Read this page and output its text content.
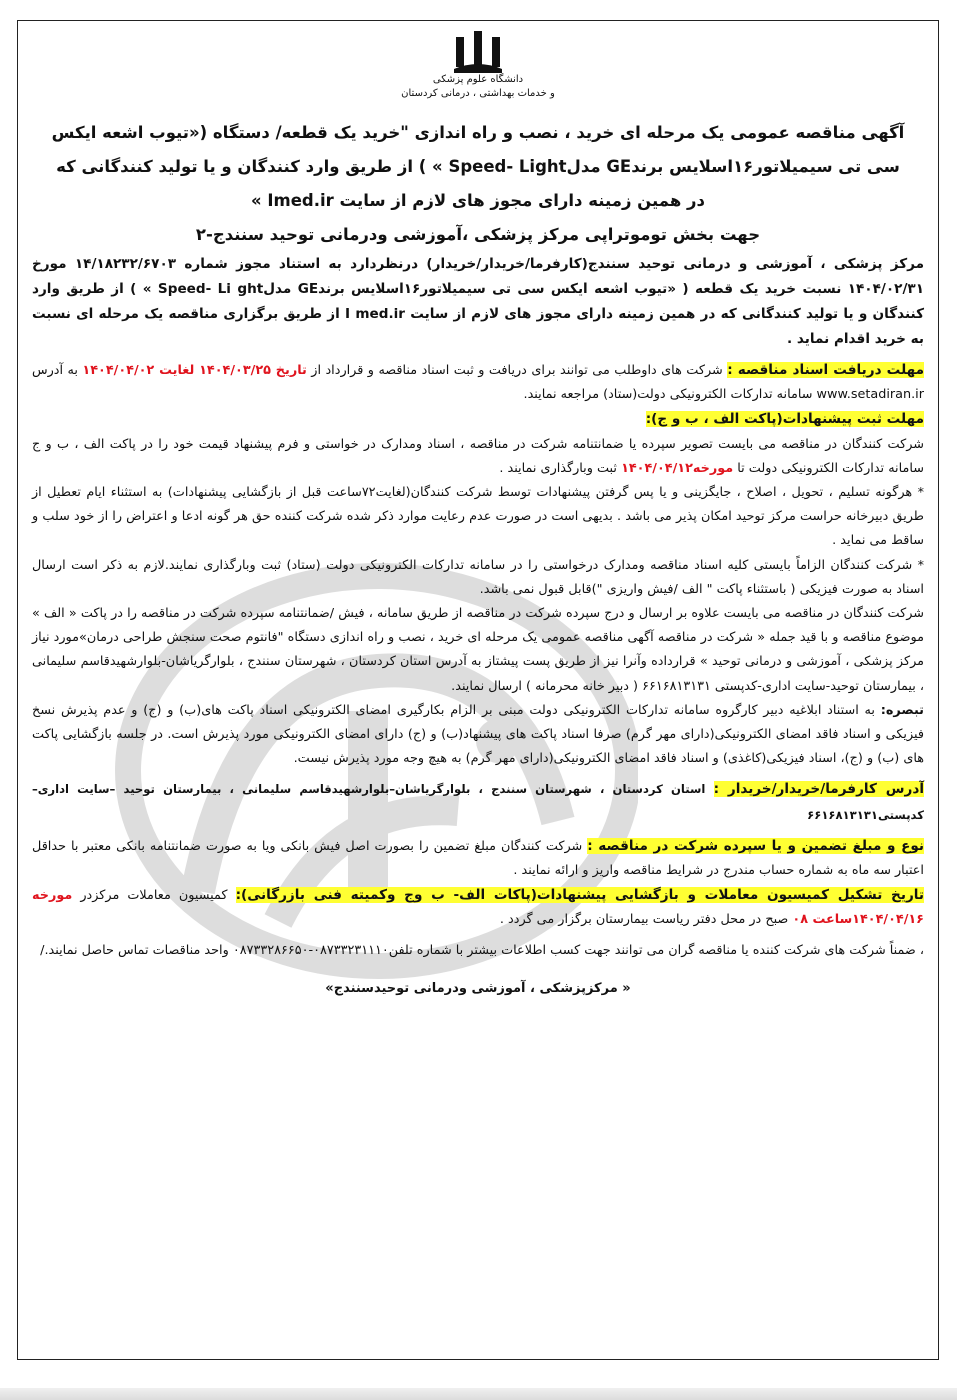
دانشگاه علوم پزشکی
و خدمات بهداشتی ، درمانی کردستان
آگهی مناقصه عمومی یک مرحله ای خرید ، نصب و راه اندازی "خرید یک قطعه/ دستگاه («تیوب اشعه ایکس
سی تی سیمیلاتور۱۶اسلایس برندGE مدلSpeed- Light » ) از طریق وارد کنندگان و یا تولید کنندگانی که
در همین زمینه دارای مجوز های لازم از سایت Imed.ir »
جهت بخش توموتراپی مرکز پزشکی ،آموزشی ودرمانی توحید سنندج-۲

مرکز پزشکی ، آموزشی و درمانی توحید سنندج(کارفرما/خریدار/خریدار) درنظردارد به استناد مجوز شماره ۱۴/۱۸۲۳۲/۶۷۰۳ مورخ ۱۴۰۴/۰۲/۳۱ نسبت خرید یک قطعه ( «تیوب اشعه ایکس سی تی سیمیلاتور۱۶اسلایس برندGE مدلSpeed- Li ght » ) از طریق وارد کنندگان و یا تولید کنندگانی که در همین زمینه دارای مجوز های لازم از سایت I med.ir از طریق برگزاری مناقصه یک مرحله ای نسبت به خرید اقدام نماید .

مهلت دریافت اسناد مناقصه : شرکت های داوطلب می توانند برای دریافت و ثبت اسناد مناقصه و قرارداد از تاریخ ۱۴۰۴/۰۳/۲۵ لغایت ۱۴۰۴/۰۴/۰۲ به آدرس www.setadiran.ir سامانه تدارکات الکترونیکی دولت(ستاد) مراجعه نمایند.

مهلت ثبت پیشنهادات(پاکت الف ، ب و ج):

شرکت کنندگان در مناقصه می بایست تصویر سپرده یا ضمانتنامه شرکت در مناقصه ، اسناد ومدارک در خواستی و فرم پیشنهاد قیمت خود را در پاکت الف ، ب و ج سامانه تدارکات الکترونیکی دولت تا مورخه۱۴۰۴/۰۴/۱۲ ثبت وبارگذاری نمایند .

* هرگونه تسلیم ، تحویل ، اصلاح ، جایگزینی و یا پس گرفتن پیشنهادات توسط شرکت کنندگان(لغایت۷۲ساعت قبل از بازگشایی پیشنهادات) به استثناء ایام تعطیل از طریق دبیرخانه حراست مرکز توحید امکان پذیر می باشد . بدیهی است در صورت عدم رعایت موارد ذکر شده شرکت کننده حق هر گونه ادعا و اعتراض را از خود سلب و ساقط می نماید .

* شرکت کنندگان الزاماً بایستی کلیه اسناد مناقصه ومدارک درخواستی را در سامانه تدارکات الکترونیکی دولت (ستاد) ثبت وبارگذاری نمایند.لازم به ذکر است ارسال اسناد به صورت فیزیکی ( باستثناء پاکت " الف /فیش واریزی ")قابل قبول نمی باشد.

شرکت کنندگان در مناقصه می بایست علاوه بر ارسال و درج سپرده شرکت در مناقصه از طریق سامانه ، فیش /ضمانتنامه سپرده شرکت در مناقصه را در پاکت « الف » موضوع مناقصه و با قید جمله « شرکت در مناقصه آگهی مناقصه عمومی یک مرحله ای خرید ، نصب و راه اندازی دستگاه "فانتوم صحت سنجش طراحی درمان»مورد نیاز مرکز پزشکی ، آموزشی و درمانی توحید » قرارداده وآنرا نیز از طریق پست پیشتاز به آدرس استان کردستان ، شهرستان سنندج ، بلوارگریاشان-بلوارشهیدقاسم سلیمانی ، بیمارستان توحید-سایت اداری-کدپستی ۶۶۱۶۸۱۳۱۳۱ ( دبیر خانه محرمانه ) ارسال نمایند.

تبصره: به استناد ابلاغیه دبیر کارگروه سامانه تدارکات الکترونیکی دولت مبنی بر الزام بکارگیری امضای الکترونیکی اسناد پاکت های(ب) و (ج) و عدم پذیرش نسخ فیزیکی و اسناد فاقد امضای الکترونیکی(دارای مهر گرم) صرفا اسناد پاکت های پیشنهاد(ب) و (ج) دارای امضای الکترونیکی مورد پذیرش است. در جلسه بازگشایی پاکت های (ب) و (ج)، اسناد فیزیکی(کاغذی) و اسناد فاقد امضای الکترونیکی(دارای مهر گرم) به هیچ وجه مورد پذیرش نیست.

آدرس کارفرما/خریدار/خریدار : استان کردستان ، شهرستان سنندج ، بلوارگریاشان–بلوارشهیدقاسم سلیمانی ، بیمارستان توحید –سایت اداری–کدپستی۶۶۱۶۸۱۳۱۳۱

نوع و مبلغ تضمین و یا سپرده شرکت در مناقصه : شرکت کنندگان مبلغ تضمین را بصورت اصل فیش بانکی ویا به صورت ضمانتنامه بانکی معتبر با حداقل اعتبار سه ماه به شماره حساب مندرج در شرایط مناقصه واریز و ارائه نمایند .

تاریخ تشکیل کمیسیون معاملات و بازگشایی پیشنهادات(پاکات الف- ب وج وکمیته فنی بازرگانی): کمیسیون معاملات مرکزدر مورخه ۱۴۰۴/۰۴/۱۶ساعت ۰۸ صبح در محل دفتر ریاست بیمارستان برگزار می گردد .

، ضمناً شرکت های شرکت کننده یا مناقصه گران می توانند جهت کسب اطلاعات بیشتر با شماره تلفن۰۸۷۳۳۲۳۱۱۱۰-۰۸۷۳۳۲۸۶۶۵۰ واحد مناقصات تماس حاصل نمایند./

« مرکزپزشکی ، آموزشی ودرمانی توحیدسنندج»
